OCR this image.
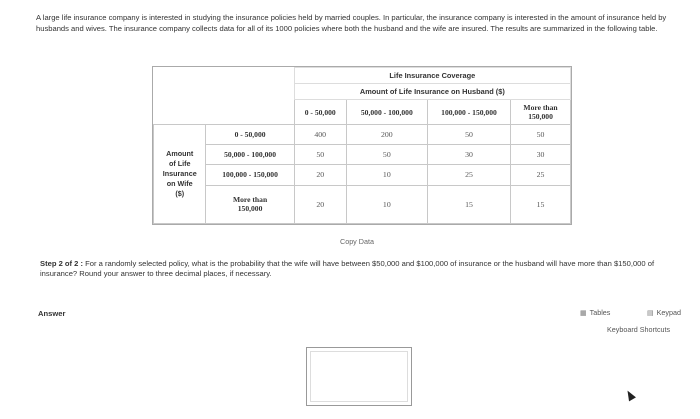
A large life insurance company is interested in studying the insurance policies held by married couples. In particular, the insurance company is interested in the amount of insurance held by husbands and wives. The insurance company collects data for all of its 1000 policies where both the husband and the wife are insured. The results are summarized in the following table.
		Life Insurance Coverage			
		Amount of Life Insurance on Husband ($)			
		0 - 50,000	50,000 - 100,000	100,000 - 150,000	More than 150,000

Amount
of Life
Insurance
on Wife
($)	0 - 50,000	400	200	50	50
	50,000 - 100,000	50	50	30	30
	100,000 - 150,000	20	10	25	25
	More than 150,000	20	10	15	15
Copy Data
Step 2 of 2 : For a randomly selected policy, what is the probability that the wife will have between $50,000 and $100,000 of insurance or the husband will have more than $150,000 of insurance? Round your answer to three decimal places, if necessary.
Answer	▦ Tables	▤ Keypad
Keyboard Shortcuts
